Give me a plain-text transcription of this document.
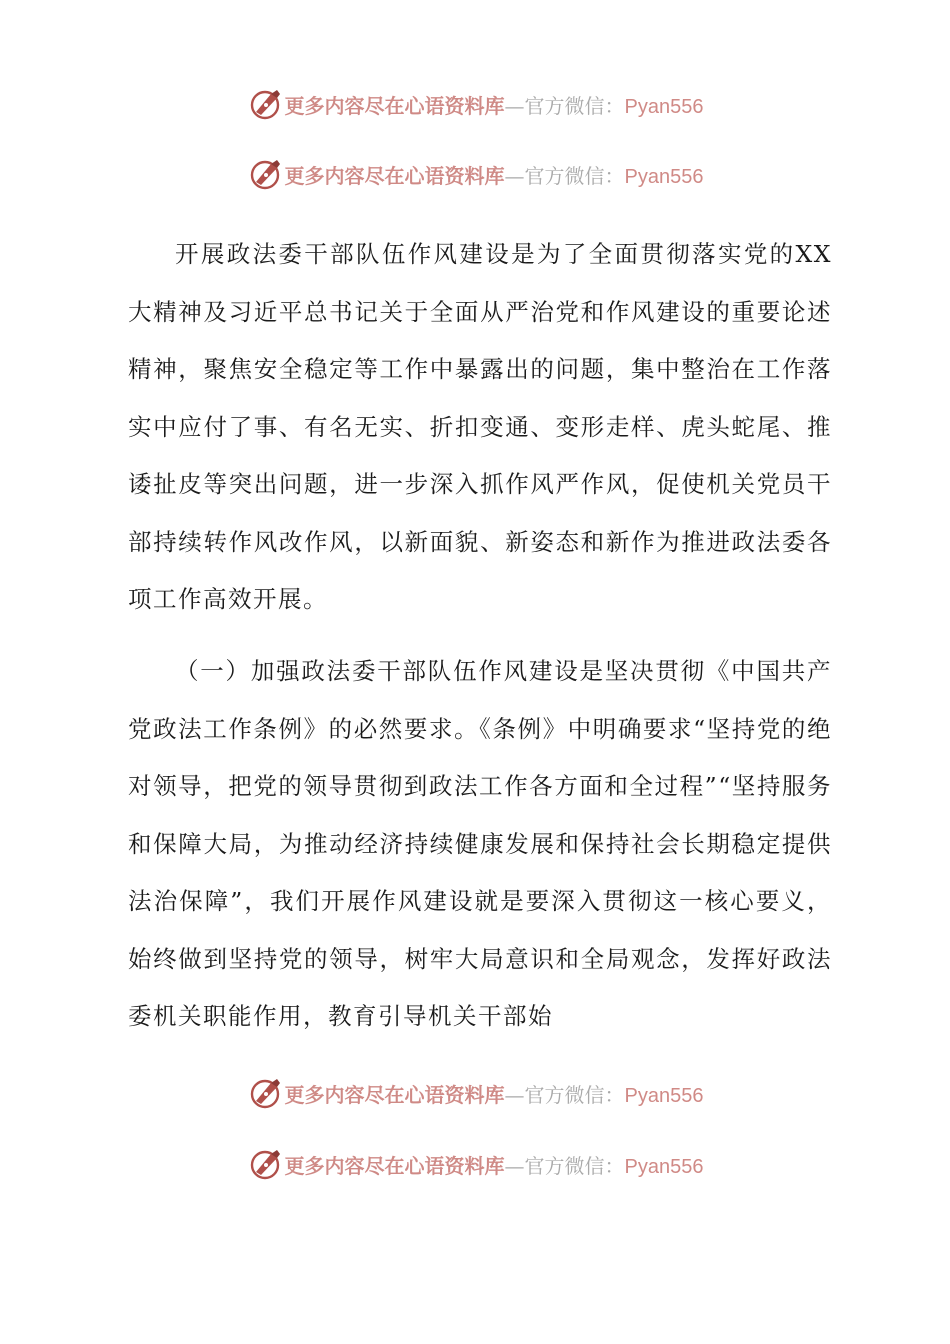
更多内容尽在心语资料库—官方微信：Pyan556
更多内容尽在心语资料库—官方微信：Pyan556

开展政法委干部队伍作风建设是为了全面贯彻落实党的XX大精神及习近平总书记关于全面从严治党和作风建设的重要论述精神，聚焦安全稳定等工作中暴露出的问题，集中整治在工作落实中应付了事、有名无实、折扣变通、变形走样、虎头蛇尾、推诿扯皮等突出问题，进一步深入抓作风严作风，促使机关党员干部持续转作风改作风，以新面貌、新姿态和新作为推进政法委各项工作高效开展。

（一）加强政法委干部队伍作风建设是坚决贯彻《中国共产党政法工作条例》的必然要求。《条例》中明确要求“坚持党的绝对领导，把党的领导贯彻到政法工作各方面和全过程”“坚持服务和保障大局，为推动经济持续健康发展和保持社会长期稳定提供法治保障”，我们开展作风建设就是要深入贯彻这一核心要义，始终做到坚持党的领导，树牢大局意识和全局观念，发挥好政法委机关职能作用，教育引导机关干部始

更多内容尽在心语资料库—官方微信：Pyan556
更多内容尽在心语资料库—官方微信：Pyan556
